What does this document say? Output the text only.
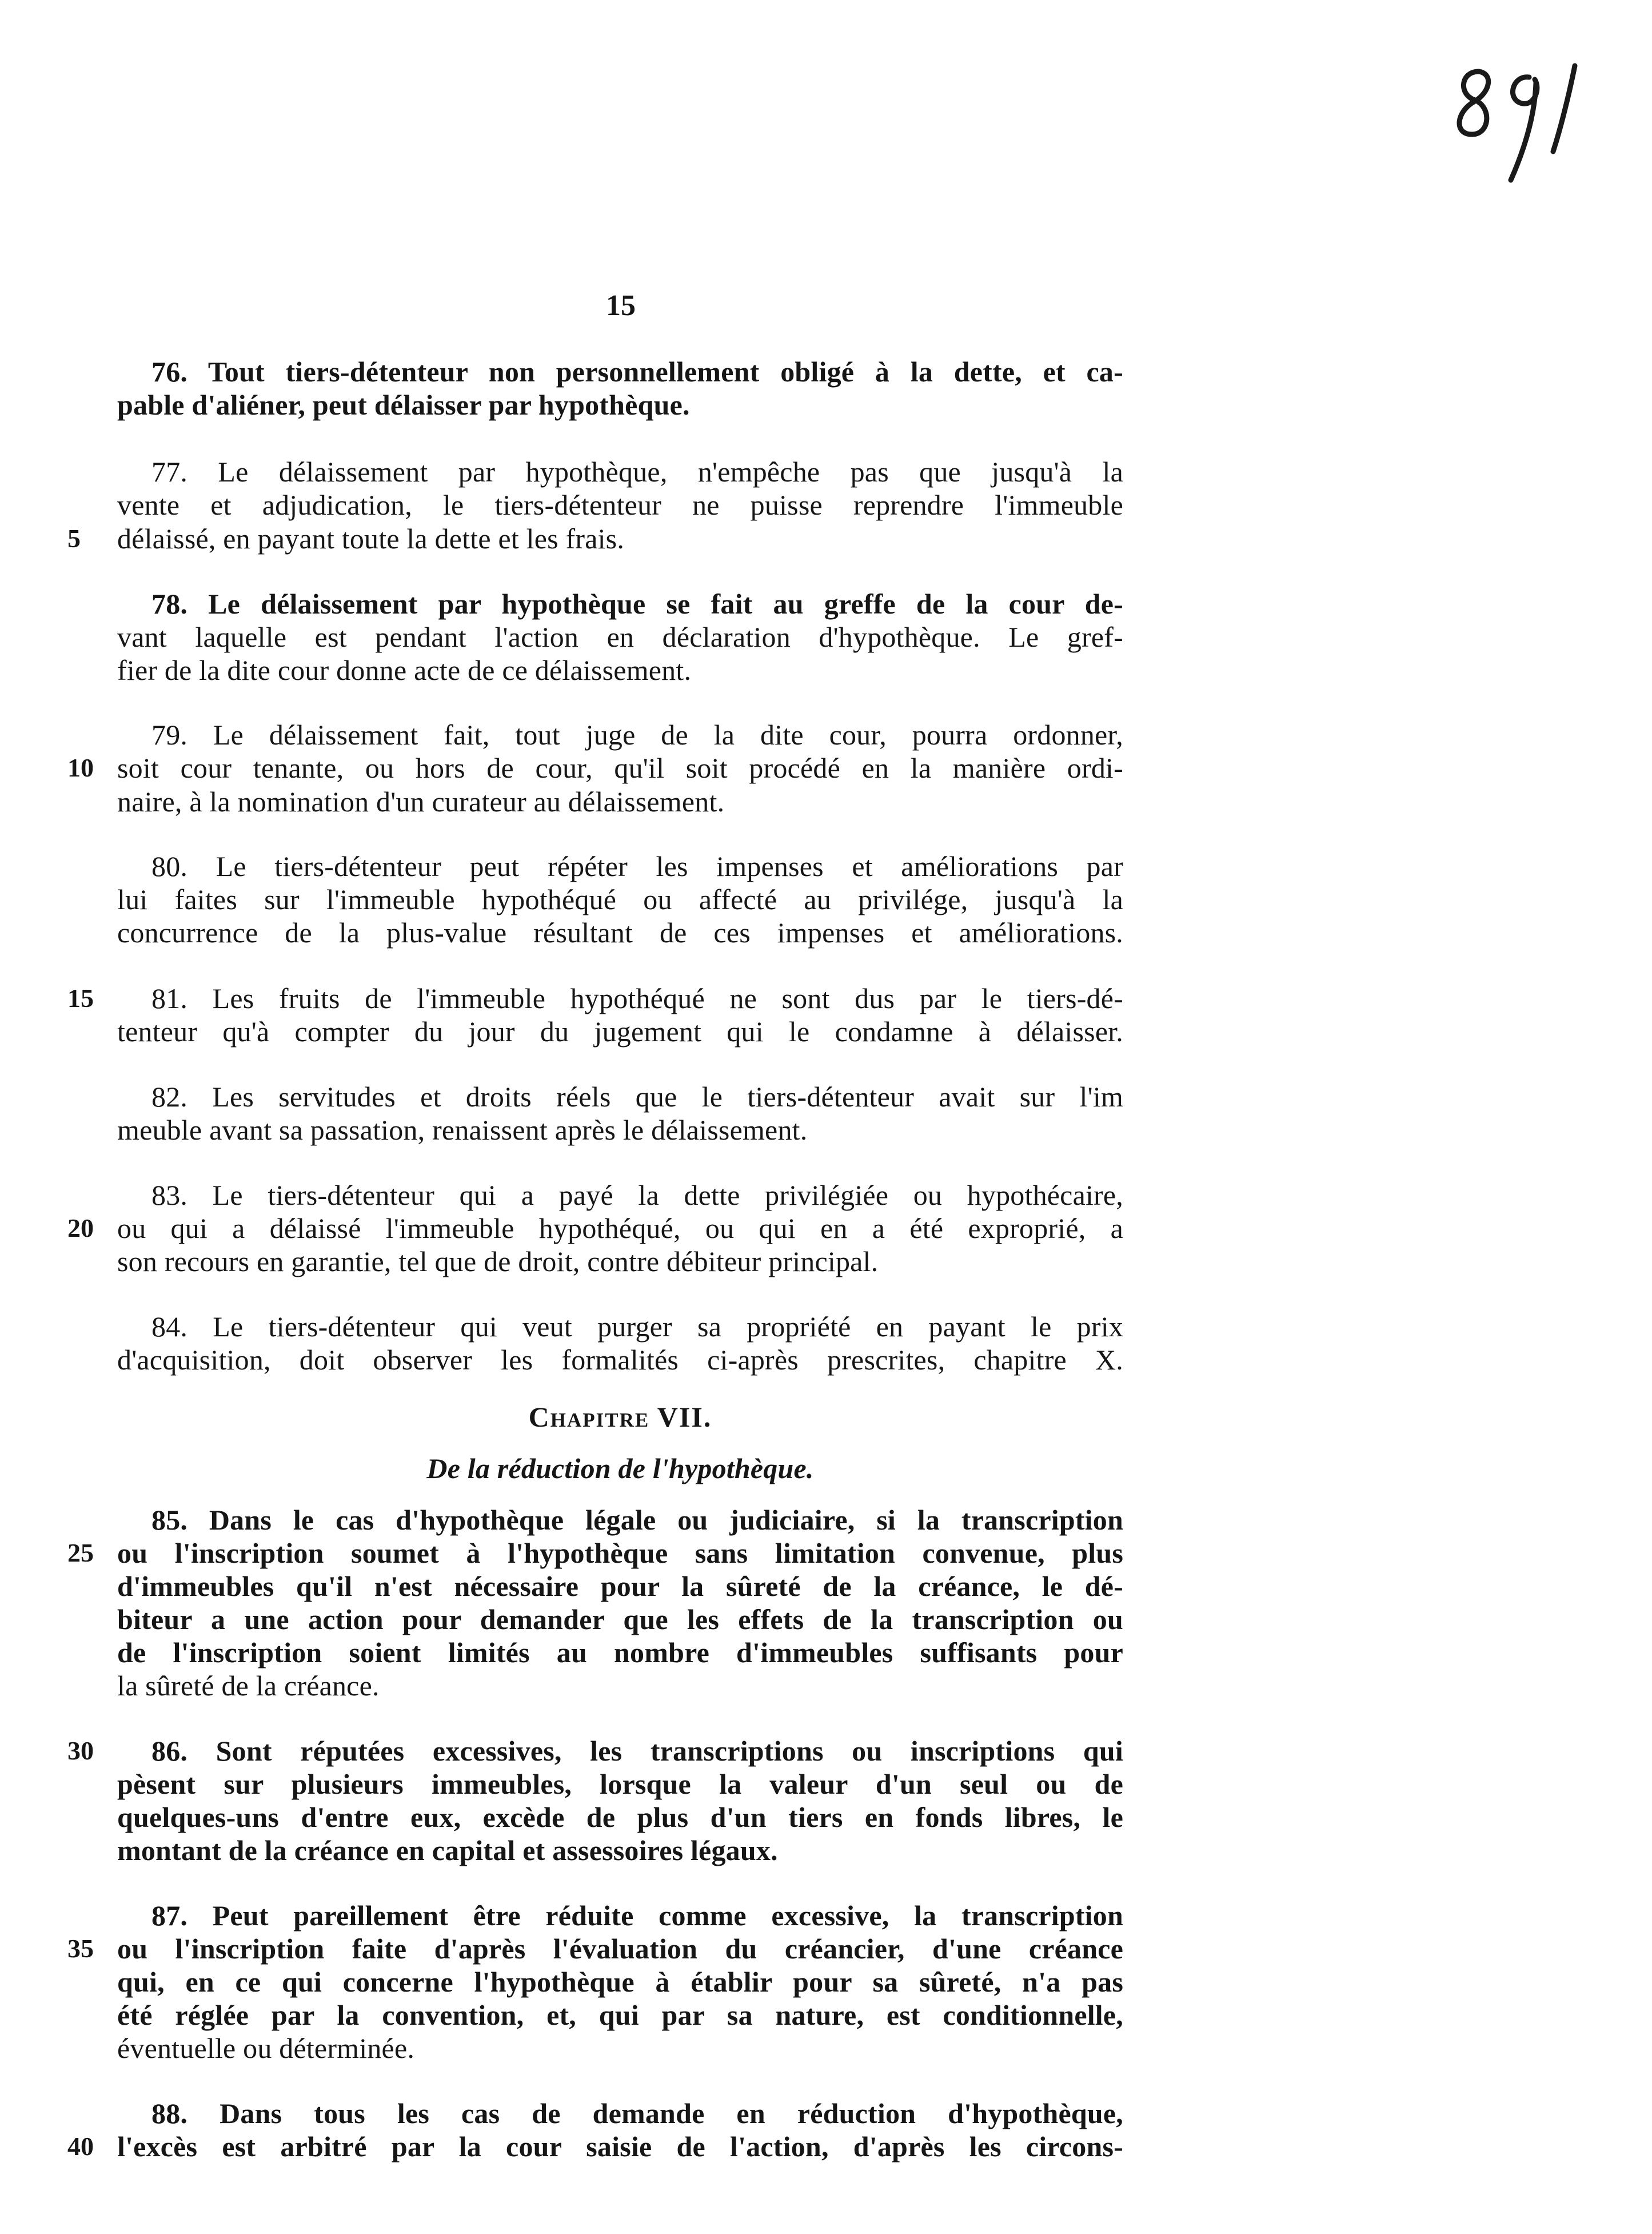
15
76. Tout tiers-détenteur non personnellement obligé à la dette, et ca-
pable d'aliéner, peut délaisser par hypothèque.
77. Le délaissement par hypothèque, n'empêche pas que jusqu'à la
vente et adjudication, le tiers-détenteur ne puisse reprendre l'immeuble
5	délaissé, en payant toute la dette et les frais.
78. Le délaissement par hypothèque se fait au greffe de la cour de-
vant laquelle est pendant l'action en déclaration d'hypothèque. Le gref-
fier de la dite cour donne acte de ce délaissement.
79. Le délaissement fait, tout juge de la dite cour, pourra ordonner,
10 soit cour tenante, ou hors de cour, qu'il soit procédé en la manière ordi-
naire, à la nomination d'un curateur au délaissement.
80. Le tiers-détenteur peut répéter les impenses et améliorations par
lui faites sur l'immeuble hypothéqué ou affecté au privilége, jusqu'à la
concurrence de la plus-value résultant de ces impenses et améliorations.
15	81. Les fruits de l'immeuble hypothéqué ne sont dus par le tiers-dé-
tenteur qu'à compter du jour du jugement qui le condamne à délaisser.
82. Les servitudes et droits réels que le tiers-détenteur avait sur l'im
meuble avant sa passation, renaissent après le délaissement.
83. Le tiers-détenteur qui a payé la dette privilégiée ou hypothécaire,
20 ou qui a délaissé l'immeuble hypothéqué, ou qui en a été exproprié, a
son recours en garantie, tel que de droit, contre débiteur principal.
84. Le tiers-détenteur qui veut purger sa propriété en payant le prix
d'acquisition, doit observer les formalités ci-après prescrites, chapitre X.
Chapitre VII.
De la réduction de l'hypothèque.
85. Dans le cas d'hypothèque légale ou judiciaire, si la transcription
25 ou l'inscription soumet à l'hypothèque sans limitation convenue, plus
d'immeubles qu'il n'est nécessaire pour la sûreté de la créance, le dé-
biteur a une action pour demander que les effets de la transcription ou
de l'inscription soient limités au nombre d'immeubles suffisants pour
la sûreté de la créance.
30	86. Sont réputées excessives, les transcriptions ou inscriptions qui
pèsent sur plusieurs immeubles, lorsque la valeur d'un seul ou de
quelques-uns d'entre eux, excède de plus d'un tiers en fonds libres, le
montant de la créance en capital et assessoires légaux.
87. Peut pareillement être réduite comme excessive, la transcription
35 ou l'inscription faite d'après l'évaluation du créancier, d'une créance
qui, en ce qui concerne l'hypothèque à établir pour sa sûreté, n'a pas
été réglée par la convention, et, qui par sa nature, est conditionnelle,
éventuelle ou déterminée.
88. Dans tous les cas de demande en réduction d'hypothèque,
40 l'excès est arbitré par la cour saisie de l'action, d'après les circons-
